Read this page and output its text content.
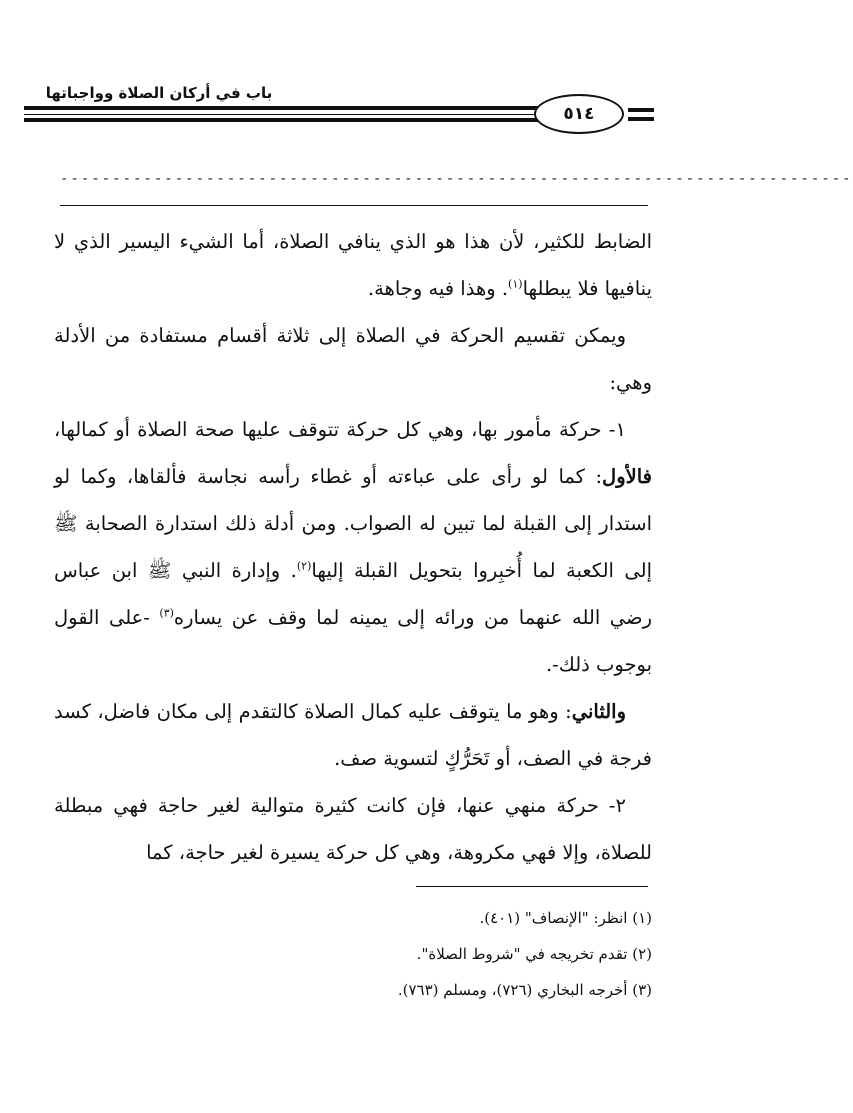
باب في أركان الصلاة وواجباتها
٥١٤
----------------------------------------------------------------------------

الضابط للكثير، لأن هذا هو الذي ينافي الصلاة، أما الشيء اليسير الذي لا ينافيها فلا يبطلها$^{(١)}$. وهذا فيه وجاهة.

ويمكن تقسيم الحركة في الصلاة إلى ثلاثة أقسام مستفادة من الأدلة وهي:

١- حركة مأمور بها، وهي كل حركة تتوقف عليها صحة الصلاة أو كمالها، فالأول: كما لو رأى على عباءته أو غطاء رأسه نجاسة فألقاها، وكما لو استدار إلى القبلة لما تبين له الصواب. ومن أدلة ذلك استدارة الصحابة ﷺ إلى الكعبة لما أُخبِروا بتحويل القبلة إليها$^{(٢)}$. وإدارة النبي ﷺ ابن عباس رضي الله عنهما من ورائه إلى يمينه لما وقف عن يساره$^{(٣)}$ -على القول بوجوب ذلك-.

والثاني: وهو ما يتوقف عليه كمال الصلاة كالتقدم إلى مكان فاضل، كسد فرجة في الصف، أو تَحَرُّكٍ لتسوية صف.

٢- حركة منهي عنها، فإن كانت كثيرة متوالية لغير حاجة فهي مبطلة للصلاة، وإلا فهي مكروهة، وهي كل حركة يسيرة لغير حاجة، كما

(١) انظر: "الإنصاف" (٤٠١).
(٢) تقدم تخريجه في "شروط الصلاة".
(٣) أخرجه البخاري (٧٢٦)، ومسلم (٧٦٣).
